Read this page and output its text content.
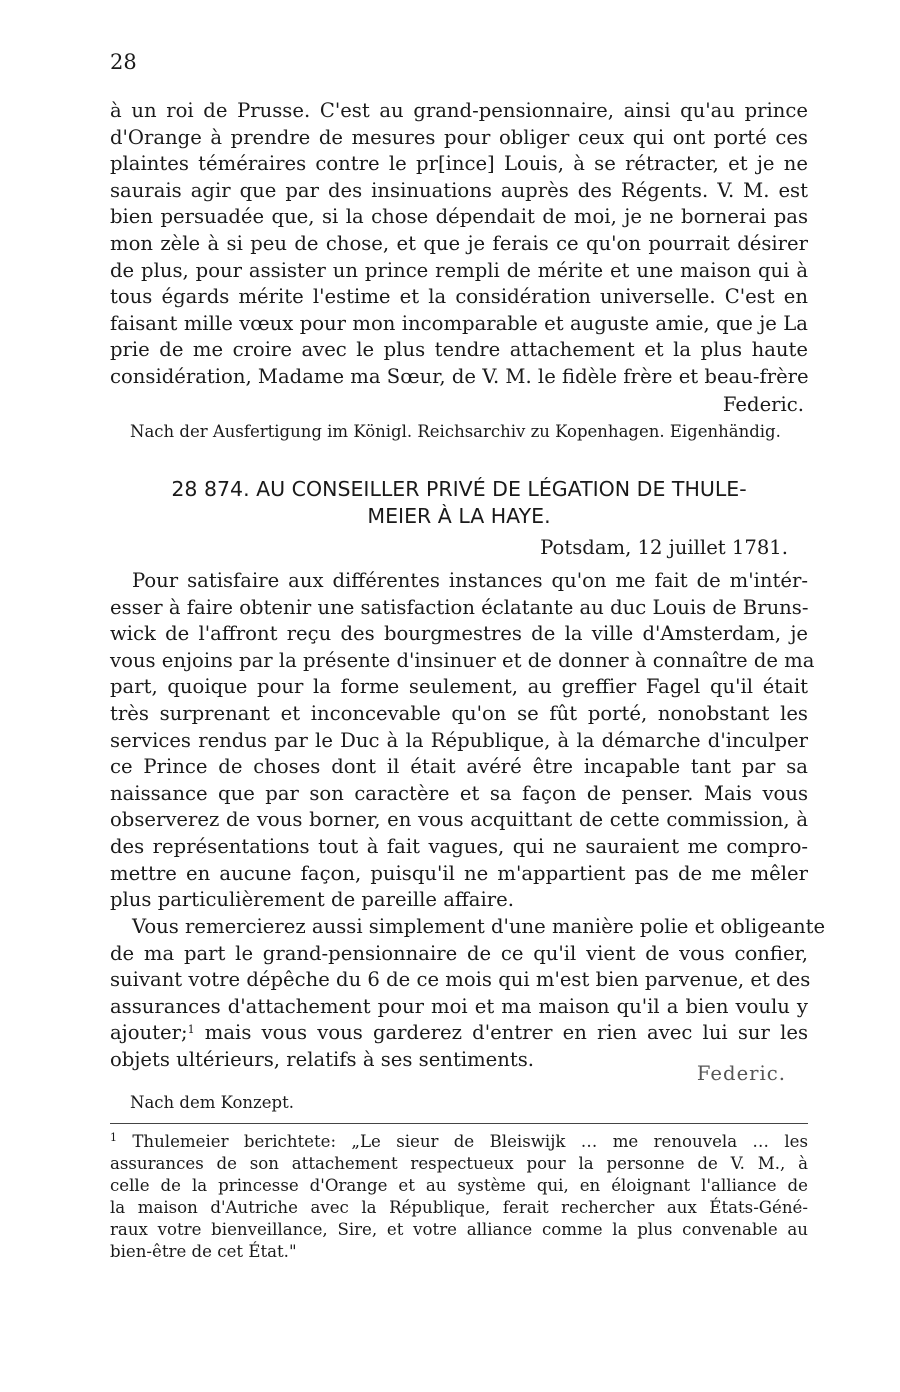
28
à un roi de Prusse. C'est au grand-pensionnaire, ainsi qu'au prince
d'Orange à prendre de mesures pour obliger ceux qui ont porté ces
plaintes téméraires contre le pr[ince] Louis, à se rétracter, et je ne
saurais agir que par des insinuations auprès des Régents. V. M. est
bien persuadée que, si la chose dépendait de moi, je ne bornerai pas
mon zèle à si peu de chose, et que je ferais ce qu'on pourrait désirer
de plus, pour assister un prince rempli de mérite et une maison qui à
tous égards mérite l'estime et la considération universelle. C'est en
faisant mille vœux pour mon incomparable et auguste amie, que je La
prie de me croire avec le plus tendre attachement et la plus haute
considération, Madame ma Sœur, de V. M. le fidèle frère et beau-frère
Federic.
Nach der Ausfertigung im Königl. Reichsarchiv zu Kopenhagen. Eigenhändig.
28 874. AU CONSEILLER PRIVÉ DE LÉGATION DE THULE-
MEIER À LA HAYE.
Potsdam, 12 juillet 1781.
Pour satisfaire aux différentes instances qu'on me fait de m'intér-
esser à faire obtenir une satisfaction éclatante au duc Louis de Bruns-
wick de l'affront reçu des bourgmestres de la ville d'Amsterdam, je
vous enjoins par la présente d'insinuer et de donner à connaître de ma
part, quoique pour la forme seulement, au greffier Fagel qu'il était
très surprenant et inconcevable qu'on se fût porté, nonobstant les
services rendus par le Duc à la République, à la démarche d'inculper
ce Prince de choses dont il était avéré être incapable tant par sa
naissance que par son caractère et sa façon de penser. Mais vous
observerez de vous borner, en vous acquittant de cette commission, à
des représentations tout à fait vagues, qui ne sauraient me compro-
mettre en aucune façon, puisqu'il ne m'appartient pas de me mêler
plus particulièrement de pareille affaire.
Vous remercierez aussi simplement d'une manière polie et obligeante
de ma part le grand-pensionnaire de ce qu'il vient de vous confier,
suivant votre dépêche du 6 de ce mois qui m'est bien parvenue, et des
assurances d'attachement pour moi et ma maison qu'il a bien voulu y
ajouter;$^1$ mais vous vous garderez d'entrer en rien avec lui sur les
objets ultérieurs, relatifs à ses sentiments.
Federic.
Nach dem Konzept.
$^1$ Thulemeier berichtete: „Le sieur de Bleiswijk … me renouvela … les
assurances de son attachement respectueux pour la personne de V. M., à
celle de la princesse d'Orange et au système qui, en éloignant l'alliance de
la maison d'Autriche avec la République, ferait rechercher aux États-Géné-
raux votre bienveillance, Sire, et votre alliance comme la plus convenable au
bien-être de cet État."
